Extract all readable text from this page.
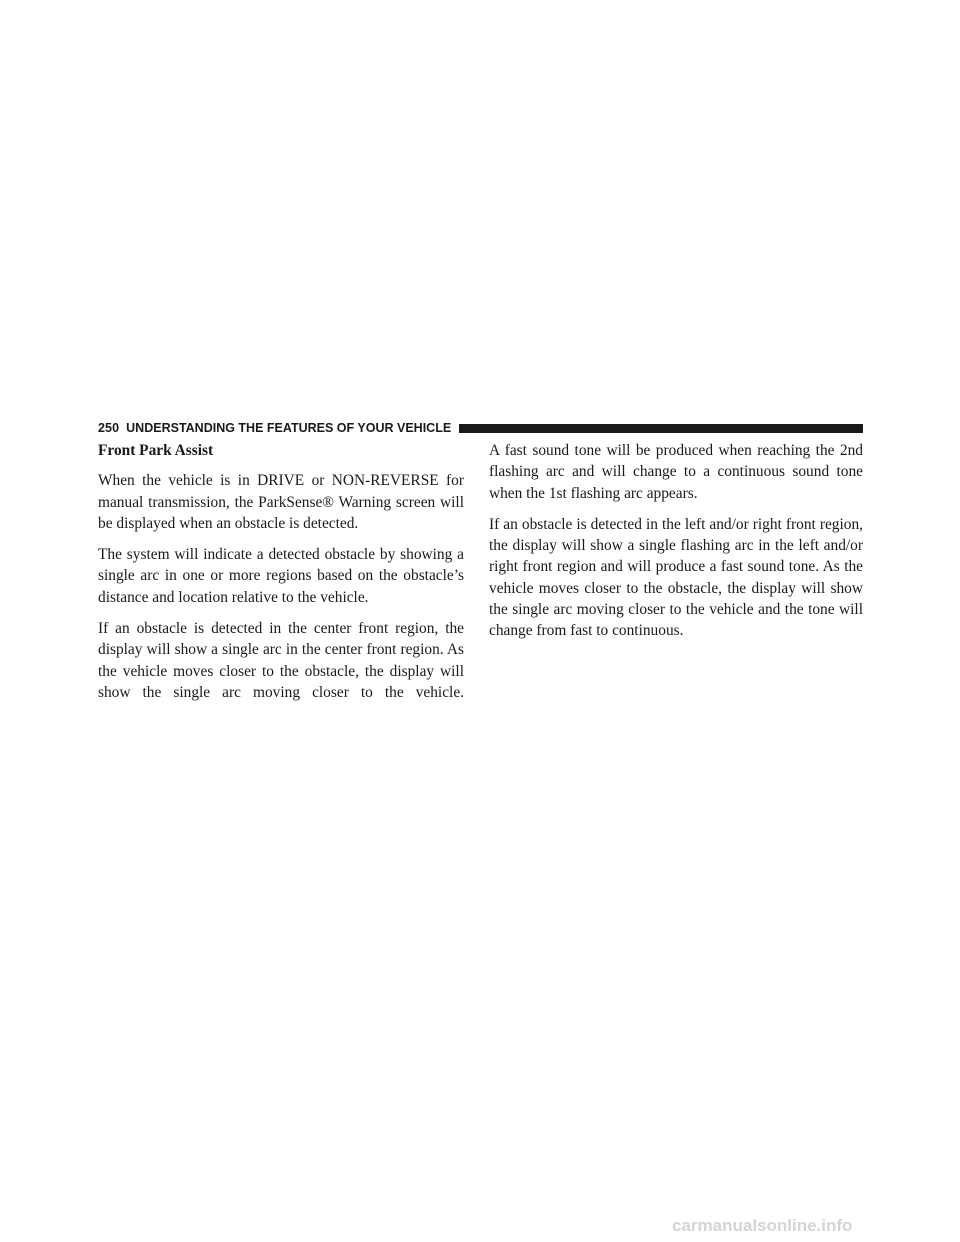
250 UNDERSTANDING THE FEATURES OF YOUR VEHICLE
Front Park Assist

When the vehicle is in DRIVE or NON-REVERSE for manual transmission, the ParkSense® Warning screen will be displayed when an obstacle is detected.

The system will indicate a detected obstacle by showing a single arc in one or more regions based on the obstacle’s distance and location relative to the vehicle.

If an obstacle is detected in the center front region, the display will show a single arc in the center front region. As the vehicle moves closer to the obstacle, the display will show the single arc moving closer to the vehicle.

A fast sound tone will be produced when reaching the 2nd flashing arc and will change to a continuous sound tone when the 1st flashing arc appears.

If an obstacle is detected in the left and/or right front region, the display will show a single flashing arc in the left and/or right front region and will produce a fast sound tone. As the vehicle moves closer to the obstacle, the display will show the single arc moving closer to the vehicle and the tone will change from fast to continuous.

carmanualsonline.info
